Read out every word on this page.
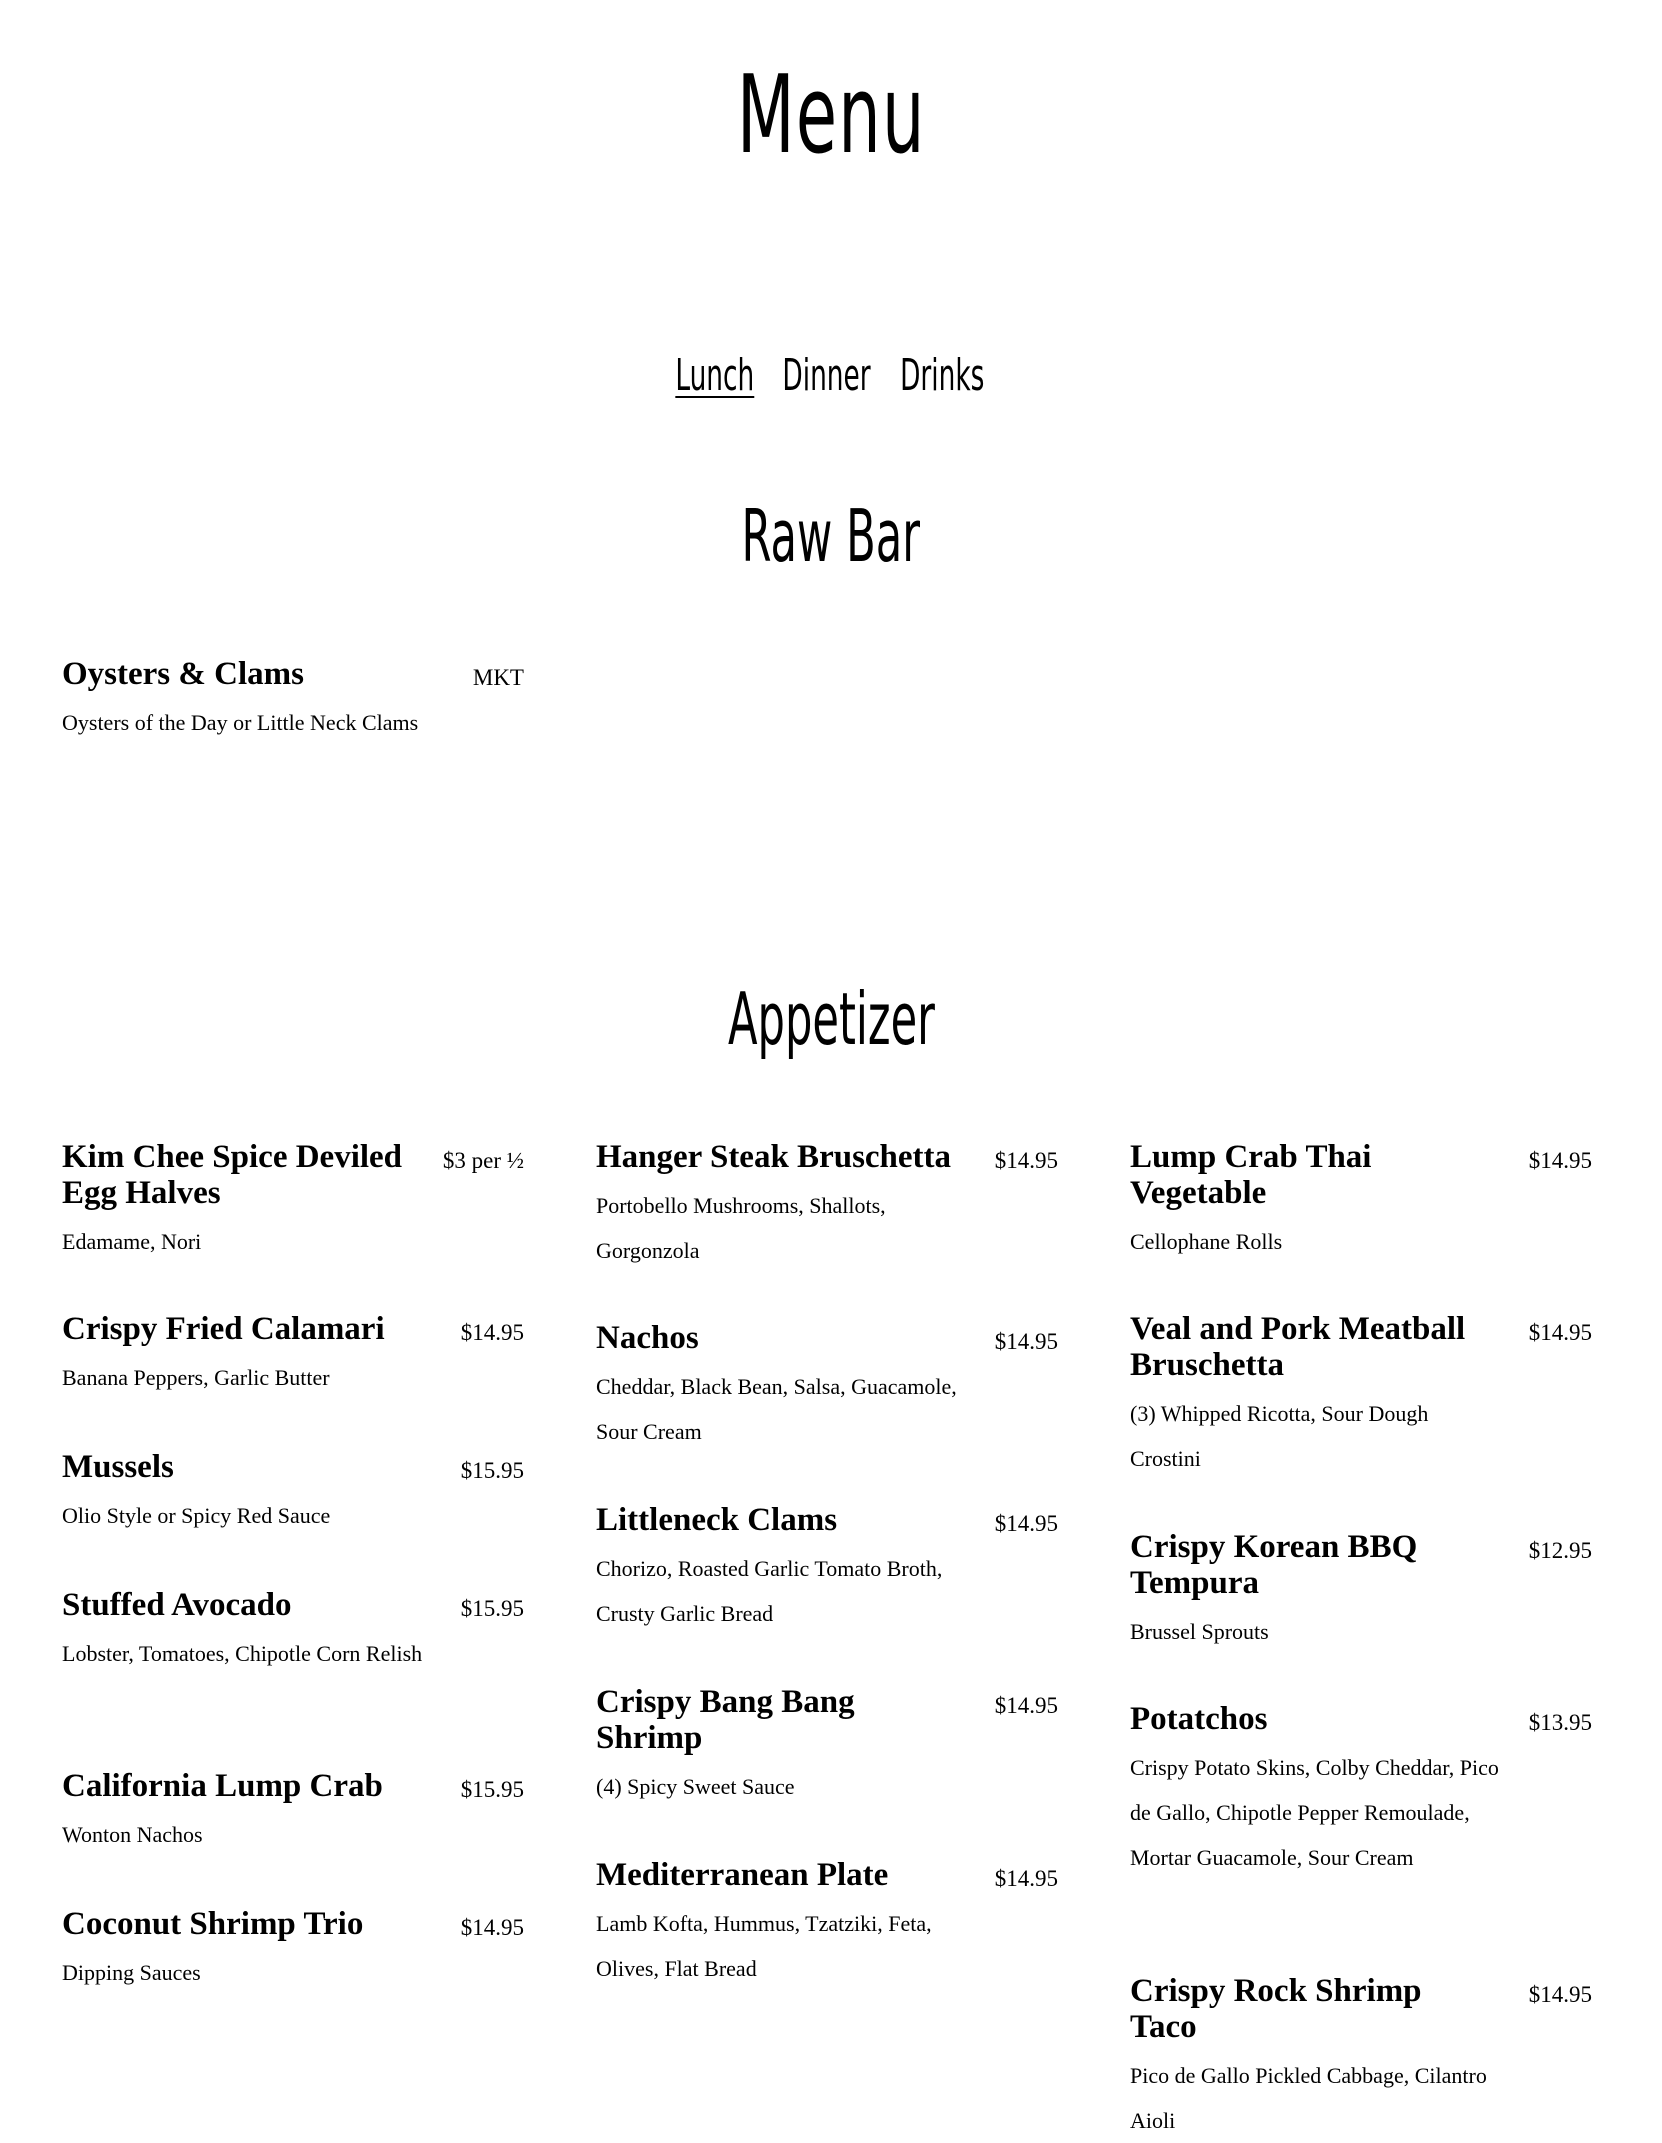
Menu
Lunch Dinner Drinks
Raw Bar
Oysters & Clams	MKT
Oysters of the Day or Little Neck Clams
Appetizer
Kim Chee Spice Deviled Egg Halves
$3 per ½
Edamame, Nori
Crispy Fried Calamari	$14.95
Banana Peppers, Garlic Butter
Mussels	$15.95
Olio Style or Spicy Red Sauce
Stuffed Avocado	$15.95
Lobster, Tomatoes, Chipotle Corn Relish
California Lump Crab	$15.95
Wonton Nachos
Coconut Shrimp Trio	$14.95
Dipping Sauces
Hanger Steak Bruschetta	$14.95
Portobello Mushrooms, Shallots, Gorgonzola
Nachos	$14.95
Cheddar, Black Bean, Salsa, Guacamole, Sour Cream
Littleneck Clams	$14.95
Chorizo, Roasted Garlic Tomato Broth, Crusty Garlic Bread
Crispy Bang Bang Shrimp
$14.95
(4) Spicy Sweet Sauce
Mediterranean Plate	$14.95
Lamb Kofta, Hummus, Tzatziki, Feta, Olives, Flat Bread
Lump Crab Thai Vegetable
$14.95
Cellophane Rolls
Veal and Pork Meatball Bruschetta
$14.95
(3) Whipped Ricotta, Sour Dough Crostini
Crispy Korean BBQ Tempura
$12.95
Brussel Sprouts
Potatchos	$13.95
Crispy Potato Skins, Colby Cheddar, Pico de Gallo, Chipotle Pepper Remoulade, Mortar Guacamole, Sour Cream
Crispy Rock Shrimp Taco
$14.95
Pico de Gallo Pickled Cabbage, Cilantro Aioli
